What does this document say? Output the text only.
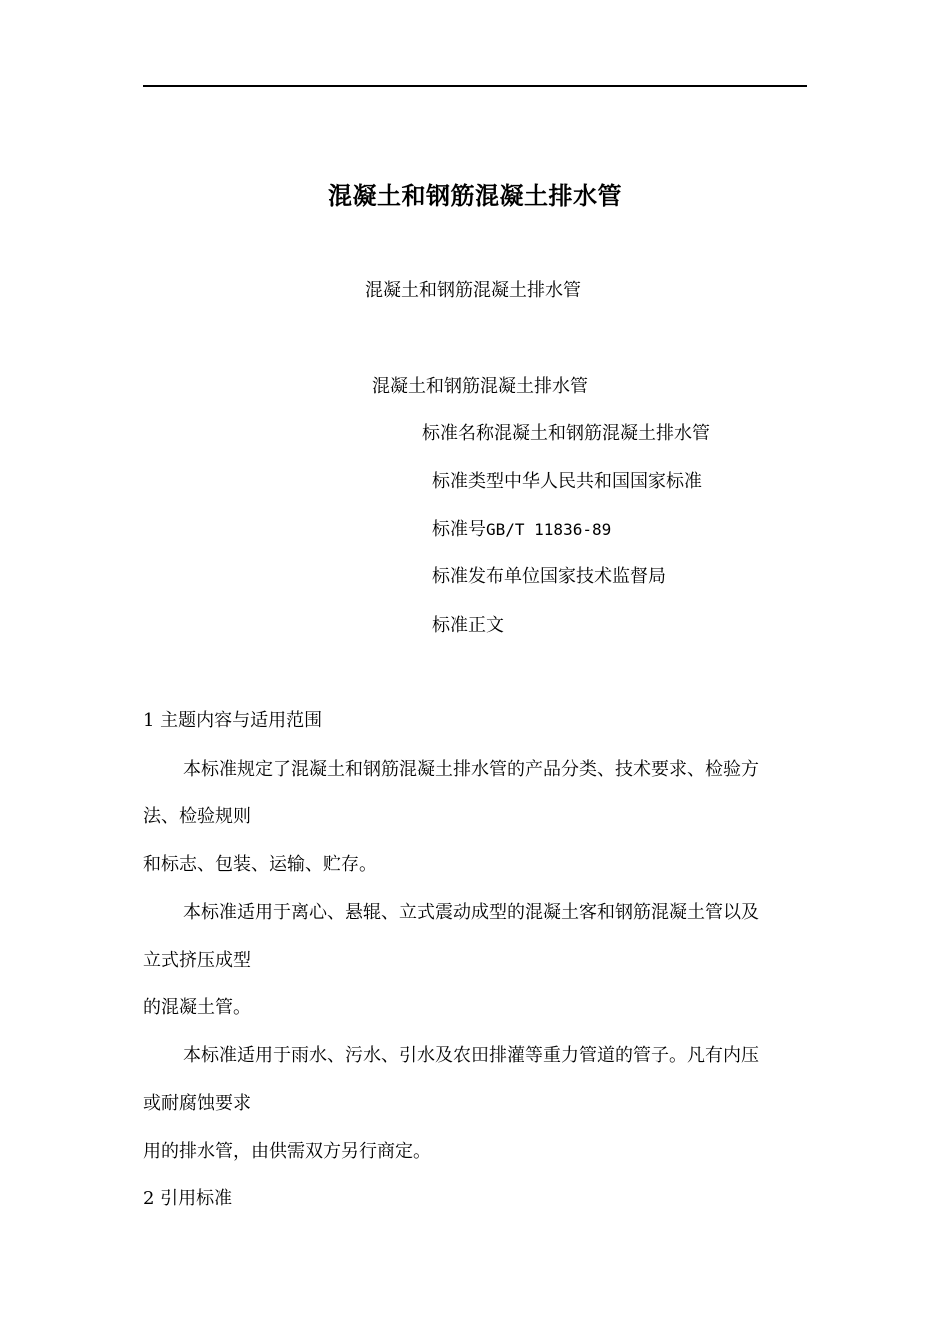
混凝土和钢筋混凝土排水管
混凝土和钢筋混凝土排水管
混凝土和钢筋混凝土排水管
标准名称混凝土和钢筋混凝土排水管
标准类型中华人民共和国国家标准
标准号GB/T 11836-89
标准发布单位国家技术监督局
标准正文
1 主题内容与适用范围
本标准规定了混凝土和钢筋混凝土排水管的产品分类、技术要求、检验方
法、检验规则
和标志、包装、运输、贮存。
本标准适用于离心、悬辊、立式震动成型的混凝土客和钢筋混凝土管以及
立式挤压成型
的混凝土管。
本标准适用于雨水、污水、引水及农田排灌等重力管道的管子。凡有内压
或耐腐蚀要求
用的排水管，由供需双方另行商定。
2 引用标准
